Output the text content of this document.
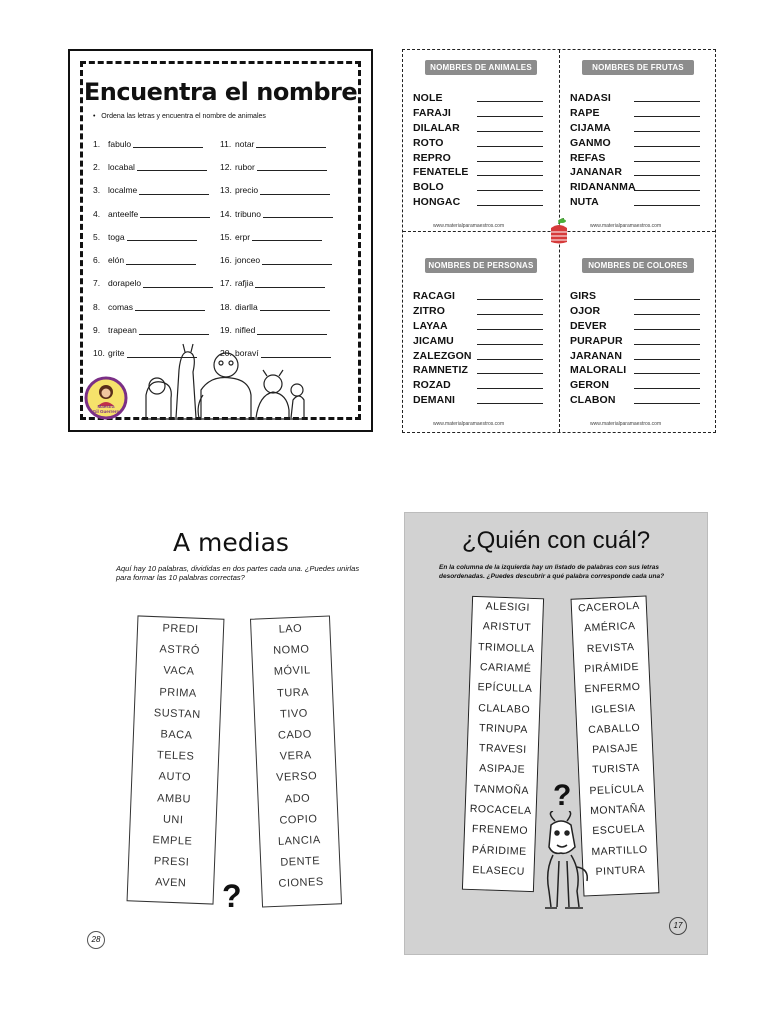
Encuentra el nombre
•   Ordena las letras y encuentra el nombre de animales
1. fabulo
2. locabal
3. localme
4. anteelfe
5. toga
6. elón
7. dorapelo
8. comas
9. trapean
10. grite
11. notar
12. rubor
13. precio
14. tribuno
15. erpr
16. jonceo
17. rafjia
18. diarlla
19. nifled
20. boraví
Maestra
Gil Guerrero
NOMBRES DE ANIMALES
NOLE
FARAJI
DILALAR
ROTO
REPRO
FENATELE
BOLO
HONGAC
www.materialparamaestros.com
NOMBRES DE FRUTAS
NADASI
RAPE
CIJAMA
GANMO
REFAS
JANANAR
RIDANANMA
NUTA
www.materialparamaestros.com
NOMBRES DE PERSONAS
RACAGI
ZITRO
LAYAA
JICAMU
ZALEZGON
RAMNETIZ
ROZAD
DEMANI
www.materialparamaestros.com
NOMBRES DE COLORES
GIRS
OJOR
DEVER
PURAPUR
JARANAN
MALORALI
GERON
CLABON
www.materialparamaestros.com
A medias
Aquí hay 10 palabras, divididas en dos partes cada una. ¿Puedes unirlas para formar las 10 palabras correctas?
PREDI
ASTRÓ
VACA
PRIMA
SUSTAN
BACA
TELES
AUTO
AMBU
UNI
EMPLE
PRESI
AVEN
LAO
NOMO
MÓVIL
TURA
TIVO
CADO
VERA
VERSO
ADO
COPIO
LANCIA
DENTE
CIONES
?
28
¿Quién con cuál?
En la columna de la izquierda hay un listado de palabras con sus letras desordenadas. ¿Puedes descubrir a qué palabra corresponde cada una?
ALESIGI
ARISTUT
TRIMOLLA
CARIAMÉ
EPÍCULLA
CLALABO
TRINUPA
TRAVESI
ASIPAJE
TANMOÑA
ROCACELA
FRENEMO
PÁRIDIME
ELASECU
CACEROLA
AMÉRICA
REVISTA
PIRÁMIDE
ENFERMO
IGLESIA
CABALLO
PAISAJE
TURISTA
PELÍCULA
MONTAÑA
ESCUELA
MARTILLO
PINTURA
?
17
